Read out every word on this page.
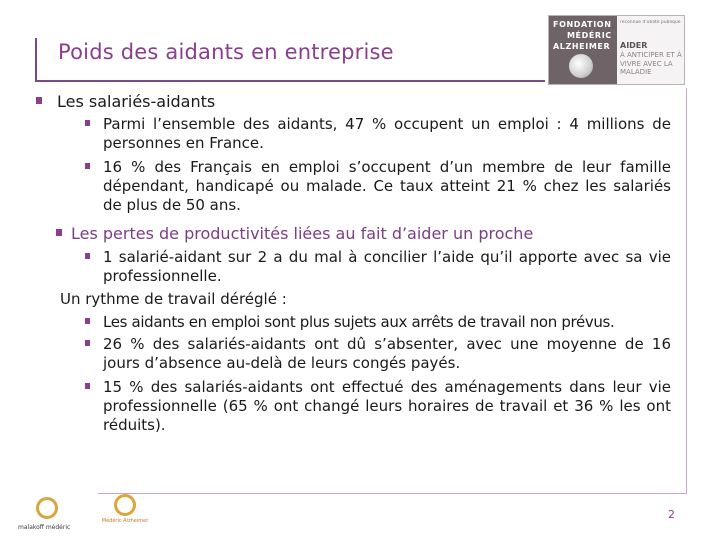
Poids des aidants en entreprise
FONDATION
MÉDÉRIC
ALZHEIMER
reconnue d'utilité publique
AIDER
À ANTICIPER ET À VIVRE AVEC LA MALADIE
Les salariés-aidants
Parmi l’ensemble des aidants, 47 % occupent un emploi : 4 millions de personnes en France.
16 % des Français en emploi s’occupent d’un membre de leur famille dépendant, handicapé ou malade. Ce taux atteint 21 % chez les salariés de plus de 50 ans.
Les pertes de productivités liées au fait d’aider un proche
1 salarié-aidant sur 2 a du mal à concilier l’aide qu’il apporte avec sa vie professionnelle.
Un rythme de travail déréglé :
Les aidants en emploi sont plus sujets aux arrêts de travail non prévus.
26 % des salariés-aidants ont dû s’absenter, avec une moyenne de 16 jours d’absence au-delà de leurs congés payés.
15 % des salariés-aidants ont effectué des aménagements dans leur vie professionnelle (65 % ont changé leurs horaires de travail et 36 % les ont réduits).
malakoff médéric
Médéric Alzheimer	2
